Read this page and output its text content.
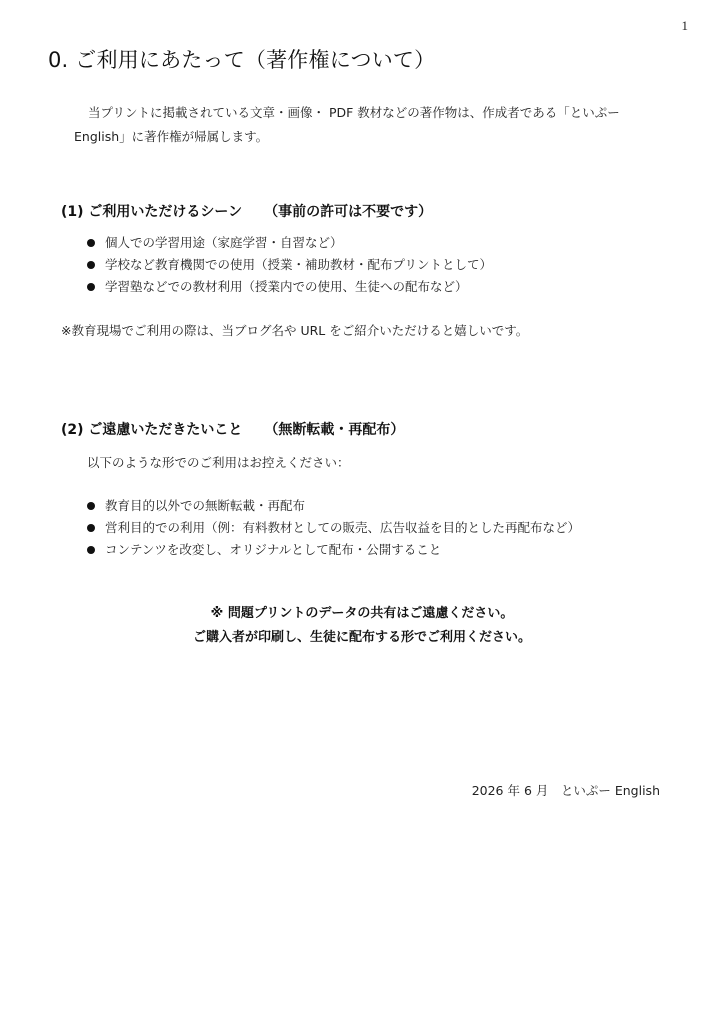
1
0. ご利用にあたって（著作権について）

当プリントに掲載されている文章・画像・ PDF 教材などの著作物は、作成者である「といぷー English」に著作権が帰属します。

(1) ご利用いただけるシーン （事前の許可は不要です）
個人での学習用途（家庭学習・自習など）
学校など教育機関での使用（授業・補助教材・配布プリントとして）
学習塾などでの教材利用（授業内での使用、生徒への配布など）

※教育現場でご利用の際は、当ブログ名や URL をご紹介いただけると嬉しいです。

(2) ご遠慮いただきたいこと （無断転載・再配布）

以下のような形でのご利用はお控えください：

教育目的以外での無断転載・再配布
営利目的での利用（例：有料教材としての販売、広告収益を目的とした再配布など）
コンテンツを改変し、オリジナルとして配布・公開すること

※ 問題プリントのデータの共有はご遠慮ください。

ご購入者が印刷し、生徒に配布する形でご利用ください。

2026 年 6 月　といぷー English
